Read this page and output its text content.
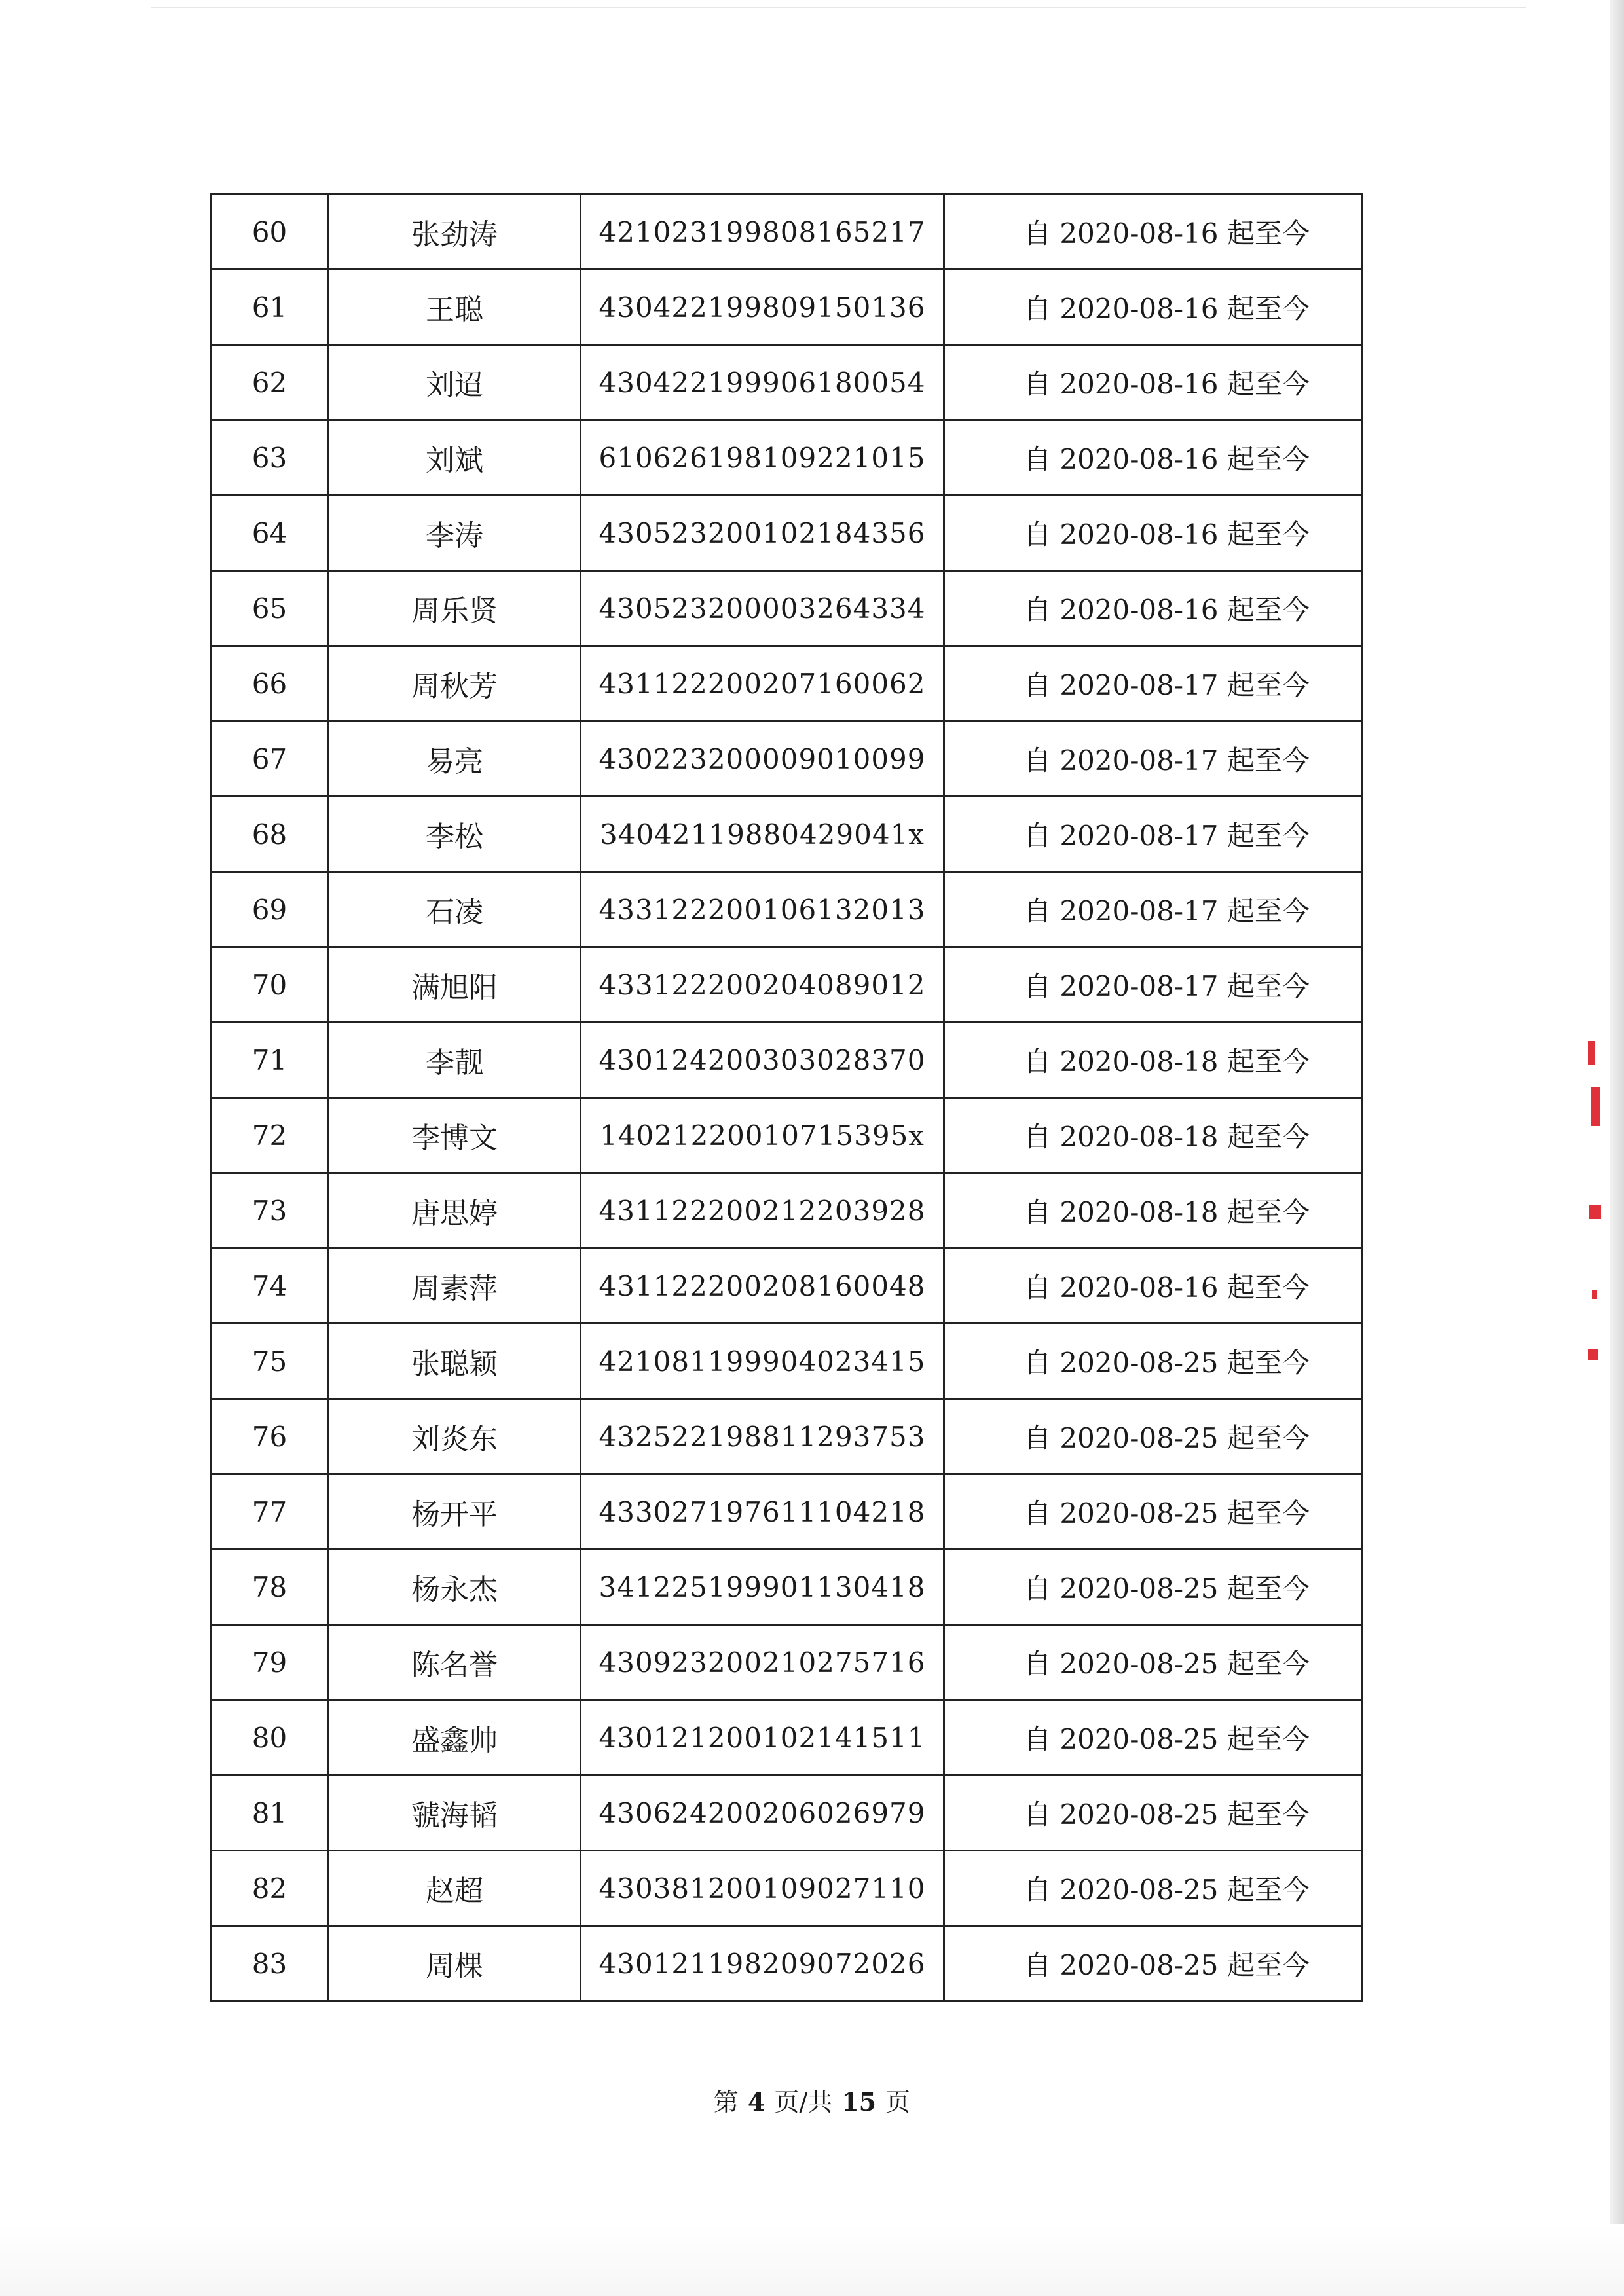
60	张劲涛	421023199808165217	自 2020-08-16 起至今
61	王聪	430422199809150136	自 2020-08-16 起至今
62	刘迢	430422199906180054	自 2020-08-16 起至今
63	刘斌	610626198109221015	自 2020-08-16 起至今
64	李涛	430523200102184356	自 2020-08-16 起至今
65	周乐贤	430523200003264334	自 2020-08-16 起至今
66	周秋芳	431122200207160062	自 2020-08-17 起至今
67	易亮	430223200009010099	自 2020-08-17 起至今
68	李松	34042119880429041x	自 2020-08-17 起至今
69	石凌	433122200106132013	自 2020-08-17 起至今
70	满旭阳	433122200204089012	自 2020-08-17 起至今
71	李靓	430124200303028370	自 2020-08-18 起至今
72	李博文	14021220010715395x	自 2020-08-18 起至今
73	唐思婷	431122200212203928	自 2020-08-18 起至今
74	周素萍	431122200208160048	自 2020-08-16 起至今
75	张聪颖	421081199904023415	自 2020-08-25 起至今
76	刘炎东	432522198811293753	自 2020-08-25 起至今
77	杨开平	433027197611104218	自 2020-08-25 起至今
78	杨永杰	341225199901130418	自 2020-08-25 起至今
79	陈名誉	430923200210275716	自 2020-08-25 起至今
80	盛鑫帅	430121200102141511	自 2020-08-25 起至今
81	虢海韬	430624200206026979	自 2020-08-25 起至今
82	赵超	430381200109027110	自 2020-08-25 起至今
83	周棵	430121198209072026	自 2020-08-25 起至今
第 4 页/共 15 页
